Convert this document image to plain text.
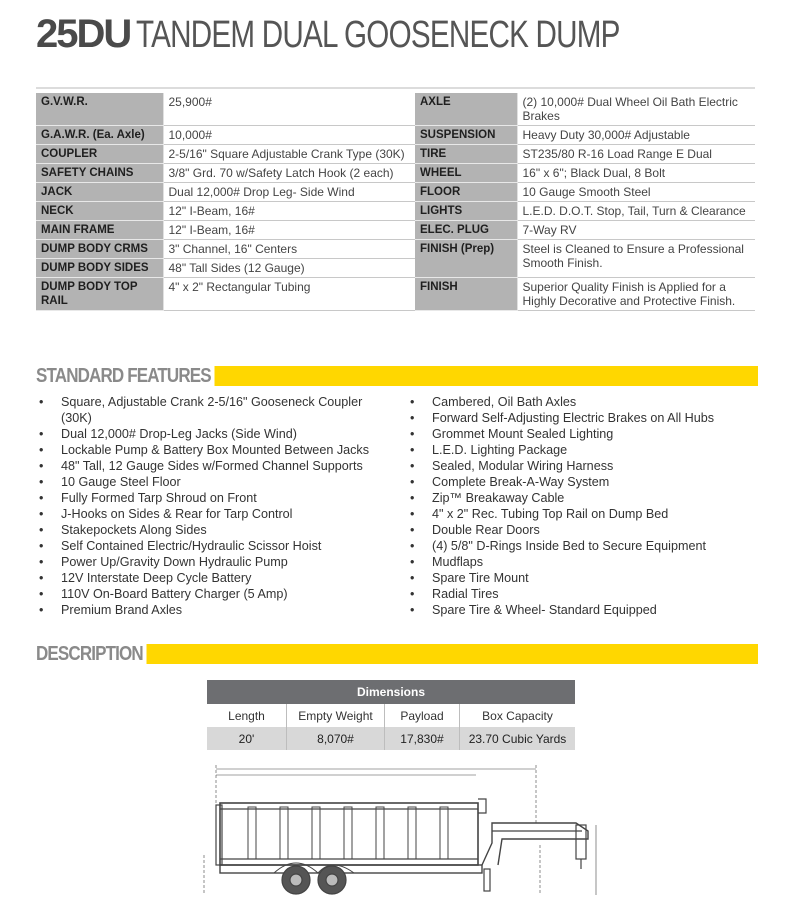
25DU TANDEM DUAL GOOSENECK DUMP
G.V.W.R.	25,900#	AXLE	(2) 10,000# Dual Wheel Oil Bath Electric Brakes
G.A.W.R. (Ea. Axle)	10,000#	SUSPENSION	Heavy Duty 30,000# Adjustable
COUPLER	2-5/16" Square Adjustable Crank Type (30K)	TIRE	ST235/80 R-16 Load Range E Dual
SAFETY CHAINS	3/8" Grd. 70 w/Safety Latch Hook (2 each)	WHEEL	16" x 6"; Black Dual, 8 Bolt
JACK	Dual 12,000# Drop Leg- Side Wind	FLOOR	10 Gauge Smooth Steel
NECK	12" I-Beam, 16#	LIGHTS	L.E.D. D.O.T. Stop, Tail, Turn & Clearance
MAIN FRAME	12" I-Beam, 16#	ELEC. PLUG	7-Way RV
DUMP BODY CRMS	3" Channel, 16" Centers	FINISH (Prep)	Steel is Cleaned to Ensure a Professional Smooth Finish.
DUMP BODY SIDES	48" Tall Sides (12 Gauge)		
DUMP BODY TOP RAIL	4" x 2" Rectangular Tubing	FINISH	Superior Quality Finish is Applied for a Highly Decorative and Protective Finish.
STANDARD FEATURES
• Square, Adjustable Crank 2-5/16" Gooseneck Coupler (30K)
• Dual 12,000# Drop-Leg Jacks (Side Wind)
• Lockable Pump & Battery Box Mounted Between Jacks
• 48" Tall, 12 Gauge Sides w/Formed Channel Supports
• 10 Gauge Steel Floor
• Fully Formed Tarp Shroud on Front
• J-Hooks on Sides & Rear for Tarp Control
• Stakepockets Along Sides
• Self Contained Electric/Hydraulic Scissor Hoist
• Power Up/Gravity Down Hydraulic Pump
• 12V Interstate Deep Cycle Battery
• 110V On-Board Battery Charger (5 Amp)
• Premium Brand Axles
• Cambered, Oil Bath Axles
• Forward Self-Adjusting Electric Brakes on All Hubs
• Grommet Mount Sealed Lighting
• L.E.D. Lighting Package
• Sealed, Modular Wiring Harness
• Complete Break-A-Way System
• Zip™ Breakaway Cable
• 4" x 2" Rec. Tubing Top Rail on Dump Bed
• Double Rear Doors
• (4) 5/8" D-Rings Inside Bed to Secure Equipment
• Mudflaps
• Spare Tire Mount
• Radial Tires
• Spare Tire & Wheel- Standard Equipped
DESCRIPTION
Dimensions			
Length	Empty Weight	Payload	Box Capacity
20'	8,070#	17,830#	23.70 Cubic Yards
